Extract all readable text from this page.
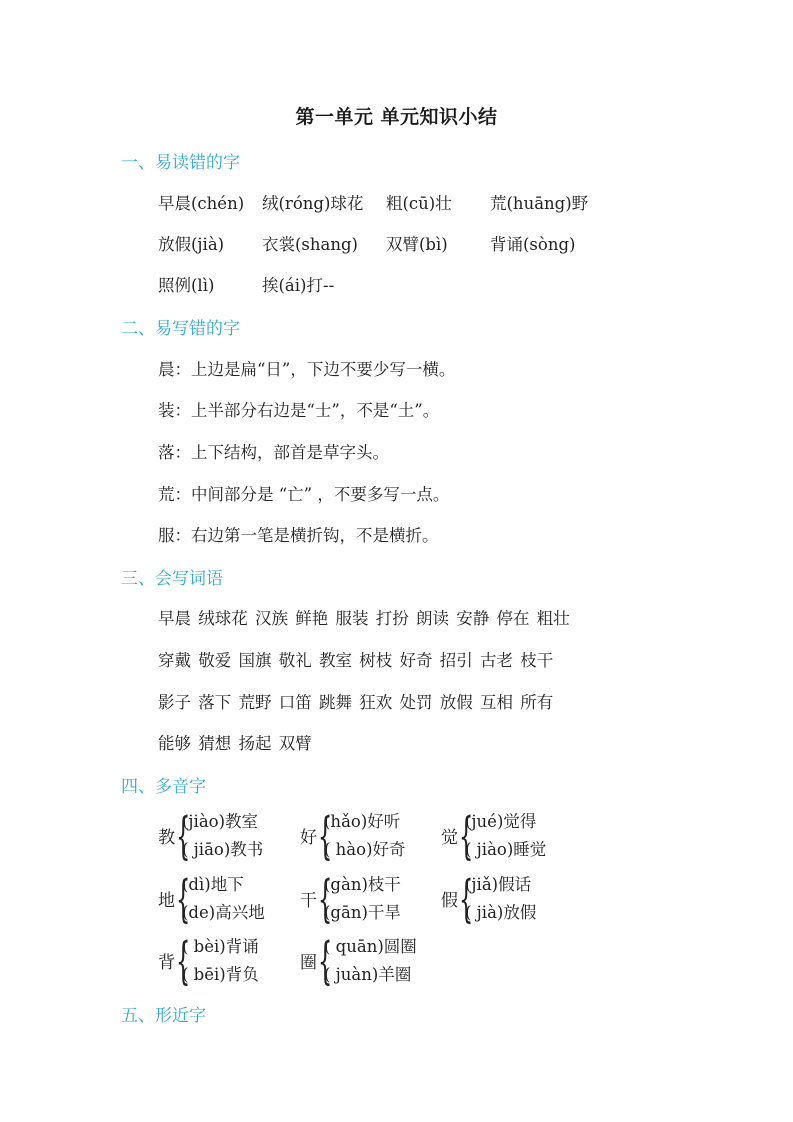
第一单元 单元知识小结
一、易读错的字
早晨(chén) 绒(róng)球花 粗(cū)壮 荒(huāng)野
放假(jià) 衣裳(shang) 双臂(bì)	背诵(sòng)
照例(lì)	挨(ái)打--
二、易写错的字
晨：上边是扁“日”，下边不要少写一横。
装：上半部分右边是“士”，不是“土”。
落：上下结构，部首是草字头。
荒：中间部分是 “亡” ，不要多写一点。
服：右边第一笔是横折钩，不是横折。
三、会写词语
早晨 绒球花 汉族 鲜艳 服装 打扮 朗读 安静 停在 粗壮
穿戴 敬爱 国旗 敬礼 教室 树枝 好奇 招引 古老 枝干
影子 落下 荒野 口笛 跳舞 狂欢 处罚 放假 互相 所有
能够 猜想 扬起 双臂
四、多音字
教 {
(jiào)教室
( jiāo)教书
好 {
(hǎo)好听
( hào)好奇
觉 {
(jué)觉得
( jiào)睡觉
地 {
(dì)地下
(de)高兴地
干 {
(gàn)枝干
(gān)干旱
假 {
(jiǎ)假话
( jià)放假
背 {
( bèi)背诵
( bēi)背负
圈 {
( quān)圆圈
( juàn)羊圈
五、形近字
